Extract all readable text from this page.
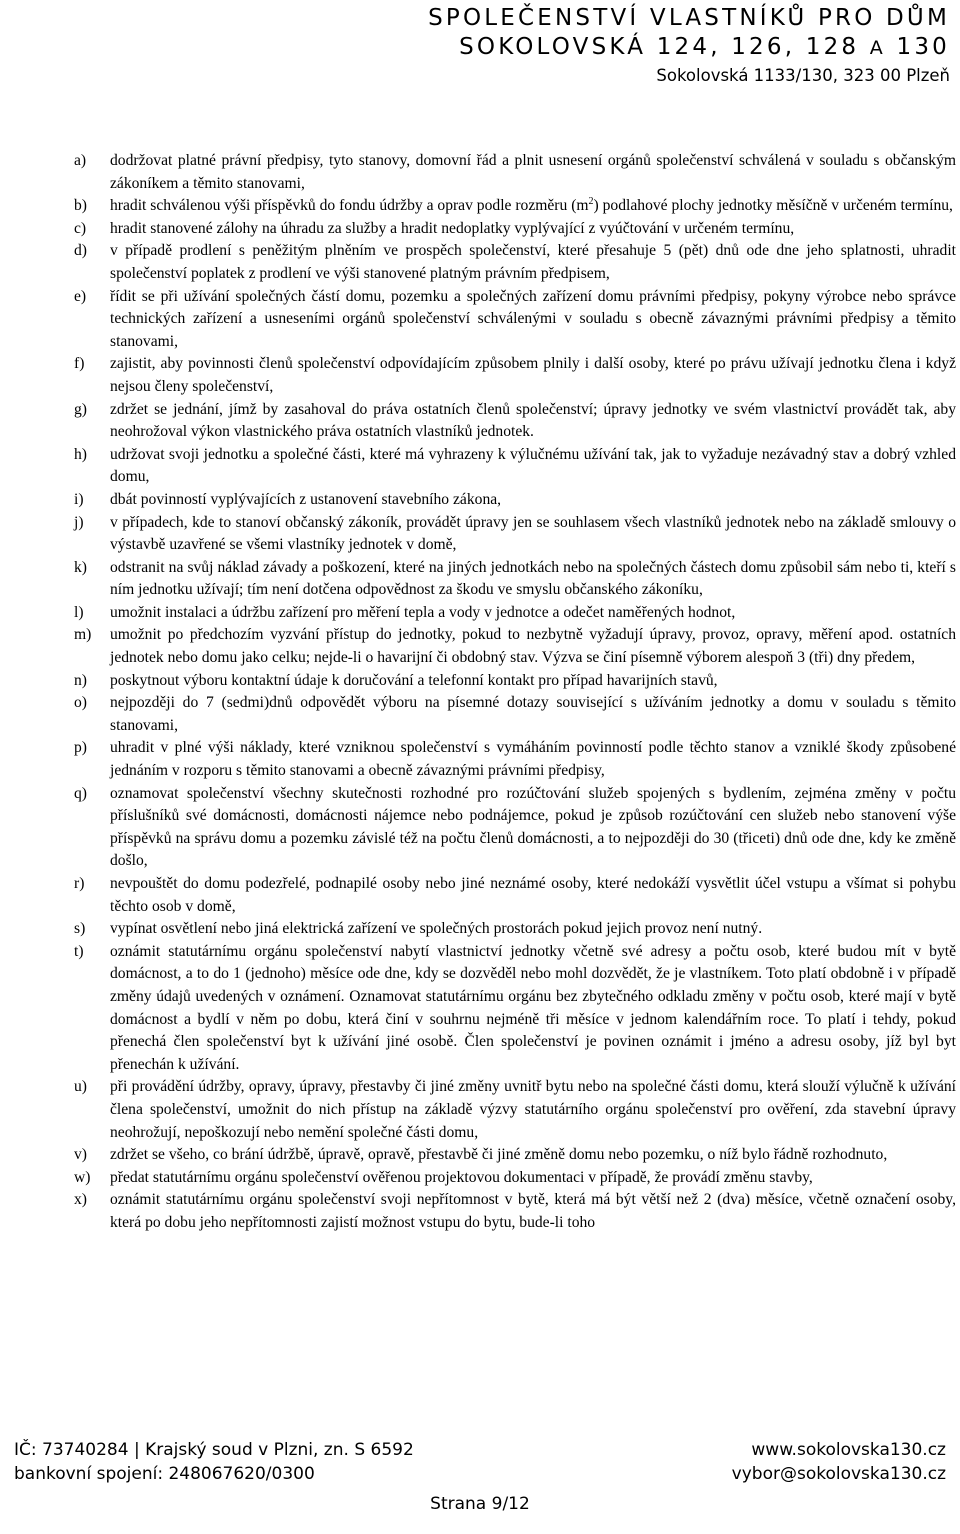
SPOLEČENSTVÍ VLASTNÍKŮ PRO DŮM
SOKOLOVSKÁ 124, 126, 128 A 130
Sokolovská 1133/130, 323 00 Plzeň
a) dodržovat platné právní předpisy, tyto stanovy, domovní řád a plnit usnesení orgánů společenství schválená v souladu s občanským zákoníkem a těmito stanovami,
b) hradit schválenou výši příspěvků do fondu údržby a oprav podle rozměru $(m^2)$ podlahové plochy jednotky měsíčně v určeném termínu,
c) hradit stanovené zálohy na úhradu za služby a hradit nedoplatky vyplývající z vyúčtování v určeném termínu,
d) v případě prodlení s peněžitým plněním ve prospěch společenství, které přesahuje 5 (pět) dnů ode dne jeho splatnosti, uhradit společenství poplatek z prodlení ve výši stanovené platným právním předpisem,
e) řídit se při užívání společných částí domu, pozemku a společných zařízení domu právními předpisy, pokyny výrobce nebo správce technických zařízení a usneseními orgánů společenství schválenými v souladu s obecně závaznými právními předpisy a těmito stanovami,
f) zajistit, aby povinnosti členů společenství odpovídajícím způsobem plnily i další osoby, které po právu užívají jednotku člena i když nejsou členy společenství,
g) zdržet se jednání, jímž by zasahoval do práva ostatních členů společenství; úpravy jednotky ve svém vlastnictví provádět tak, aby neohrožoval výkon vlastnického práva ostatních vlastníků jednotek.
h) udržovat svoji jednotku a společné části, které má vyhrazeny k výlučnému užívání tak, jak to vyžaduje nezávadný stav a dobrý vzhled domu,
i) dbát povinností vyplývajících z ustanovení stavebního zákona,
j) v případech, kde to stanoví občanský zákoník, provádět úpravy jen se souhlasem všech vlastníků jednotek nebo na základě smlouvy o výstavbě uzavřené se všemi vlastníky jednotek v domě,
k) odstranit na svůj náklad závady a poškození, které na jiných jednotkách nebo na společných částech domu způsobil sám nebo ti, kteří s ním jednotku užívají; tím není dotčena odpovědnost za škodu ve smyslu občanského zákoníku,
l) umožnit instalaci a údržbu zařízení pro měření tepla a vody v jednotce a odečet naměřených hodnot,
m) umožnit po předchozím vyzvání přístup do jednotky, pokud to nezbytně vyžadují úpravy, provoz, opravy, měření apod. ostatních jednotek nebo domu jako celku; nejde-li o havarijní či obdobný stav. Výzva se činí písemně výborem alespoň 3 (tři) dny předem,
n) poskytnout výboru kontaktní údaje k doručování a telefonní kontakt pro případ havarijních stavů,
o) nejpozději do 7 (sedmi)dnů odpovědět výboru na písemné dotazy související s užíváním jednotky a domu v souladu s těmito stanovami,
p) uhradit v plné výši náklady, které vzniknou společenství s vymáháním povinností podle těchto stanov a vzniklé škody způsobené jednáním v rozporu s těmito stanovami a obecně závaznými právními předpisy,
q) oznamovat společenství všechny skutečnosti rozhodné pro rozúčtování služeb spojených s bydlením, zejména změny v počtu příslušníků své domácnosti, domácnosti nájemce nebo podnájemce, pokud je způsob rozúčtování cen služeb nebo stanovení výše příspěvků na správu domu a pozemku závislé též na počtu členů domácnosti, a to nejpozději do 30 (třiceti) dnů ode dne, kdy ke změně došlo,
r) nevpouštět do domu podezřelé, podnapilé osoby nebo jiné neznámé osoby, které nedokáží vysvětlit účel vstupu a všímat si pohybu těchto osob v domě,
s) vypínat osvětlení nebo jiná elektrická zařízení ve společných prostorách pokud jejich provoz není nutný.
t) oznámit statutárnímu orgánu společenství nabytí vlastnictví jednotky včetně své adresy a počtu osob, které budou mít v bytě domácnost, a to do 1 (jednoho) měsíce ode dne, kdy se dozvěděl nebo mohl dozvědět, že je vlastníkem. Toto platí obdobně i v případě změny údajů uvedených v oznámení. Oznamovat statutárnímu orgánu bez zbytečného odkladu změny v počtu osob, které mají v bytě domácnost a bydlí v něm po dobu, která činí v souhrnu nejméně tři měsíce v jednom kalendářním roce. To platí i tehdy, pokud přenechá člen společenství byt k užívání jiné osobě. Člen společenství je povinen oznámit i jméno a adresu osoby, jíž byl byt přenechán k užívání.
u) při provádění údržby, opravy, úpravy, přestavby či jiné změny uvnitř bytu nebo na společné části domu, která slouží výlučně k užívání člena společenství, umožnit do nich přístup na základě výzvy statutárního orgánu společenství pro ověření, zda stavební úpravy neohrožují, nepoškozují nebo nemění společné části domu,
v) zdržet se všeho, co brání údržbě, úpravě, opravě, přestavbě či jiné změně domu nebo pozemku, o níž bylo řádně rozhodnuto,
w) předat statutárnímu orgánu společenství ověřenou projektovou dokumentaci v případě, že provádí změnu stavby,
x) oznámit statutárnímu orgánu společenství svoji nepřítomnost v bytě, která má být větší než 2 (dva) měsíce, včetně označení osoby, která po dobu jeho nepřítomnosti zajistí možnost vstupu do bytu, bude-li toho
IČ: 73740284 | Krajský soud v Plzni, zn. S 6592
bankovní spojení: 248067620/0300
www.sokolovska130.cz
vybor@sokolovska130.cz
Strana 9/12
